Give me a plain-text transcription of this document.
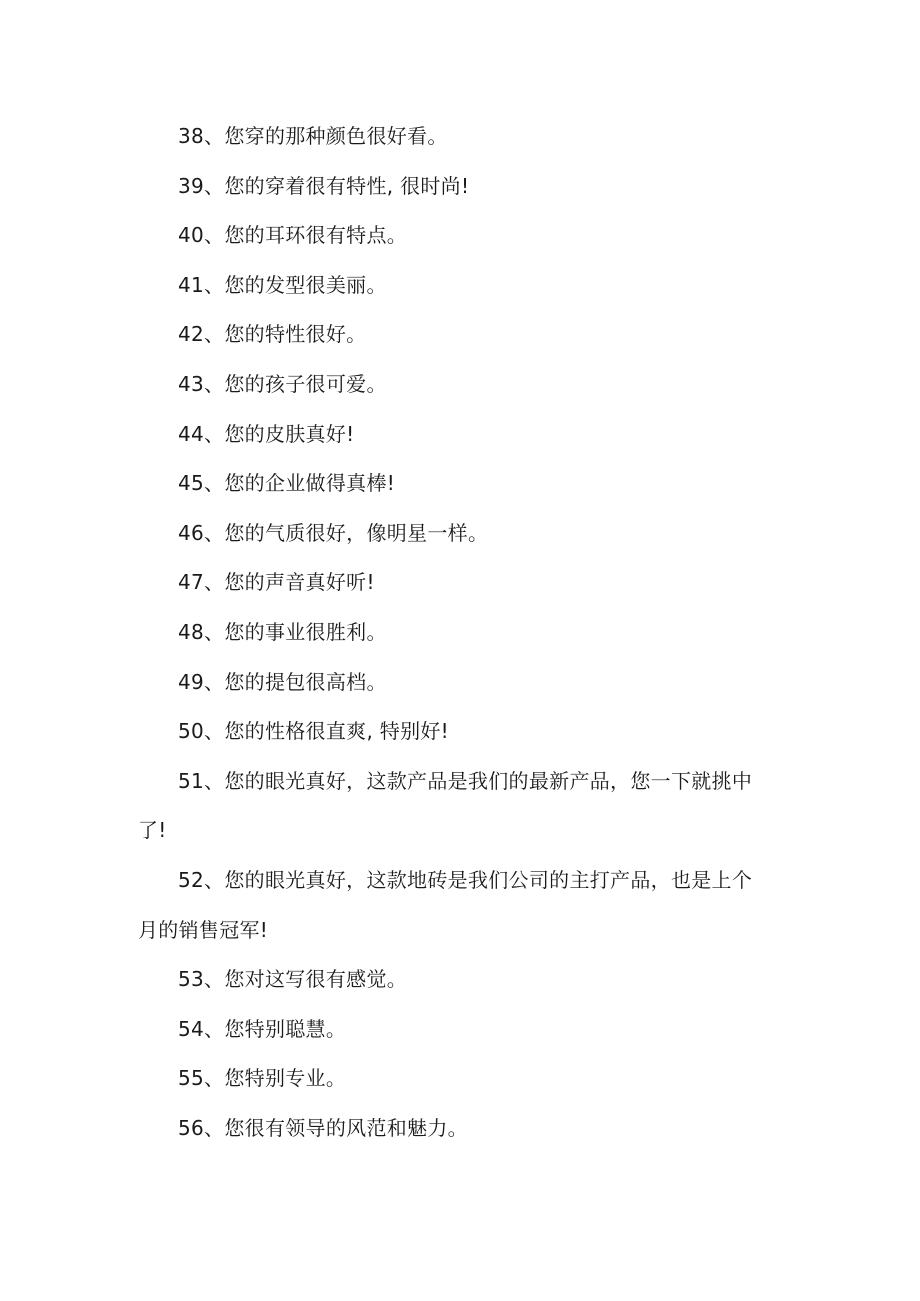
38、您穿的那种颜色很好看。

39、您的穿着很有特性, 很时尚!

40、您的耳环很有特点。

41、您的发型很美丽。

42、您的特性很好。

43、您的孩子很可爱。

44、您的皮肤真好!

45、您的企业做得真棒!

46、您的气质很好，像明星一样。

47、您的声音真好听!

48、您的事业很胜利。

49、您的提包很高档。

50、您的性格很直爽, 特别好!

51、您的眼光真好，这款产品是我们的最新产品，您一下就挑中了!

52、您的眼光真好，这款地砖是我们公司的主打产品，也是上个月的销售冠军!

53、您对这写很有感觉。

54、您特别聪慧。

55、您特别专业。

56、您很有领导的风范和魅力。
